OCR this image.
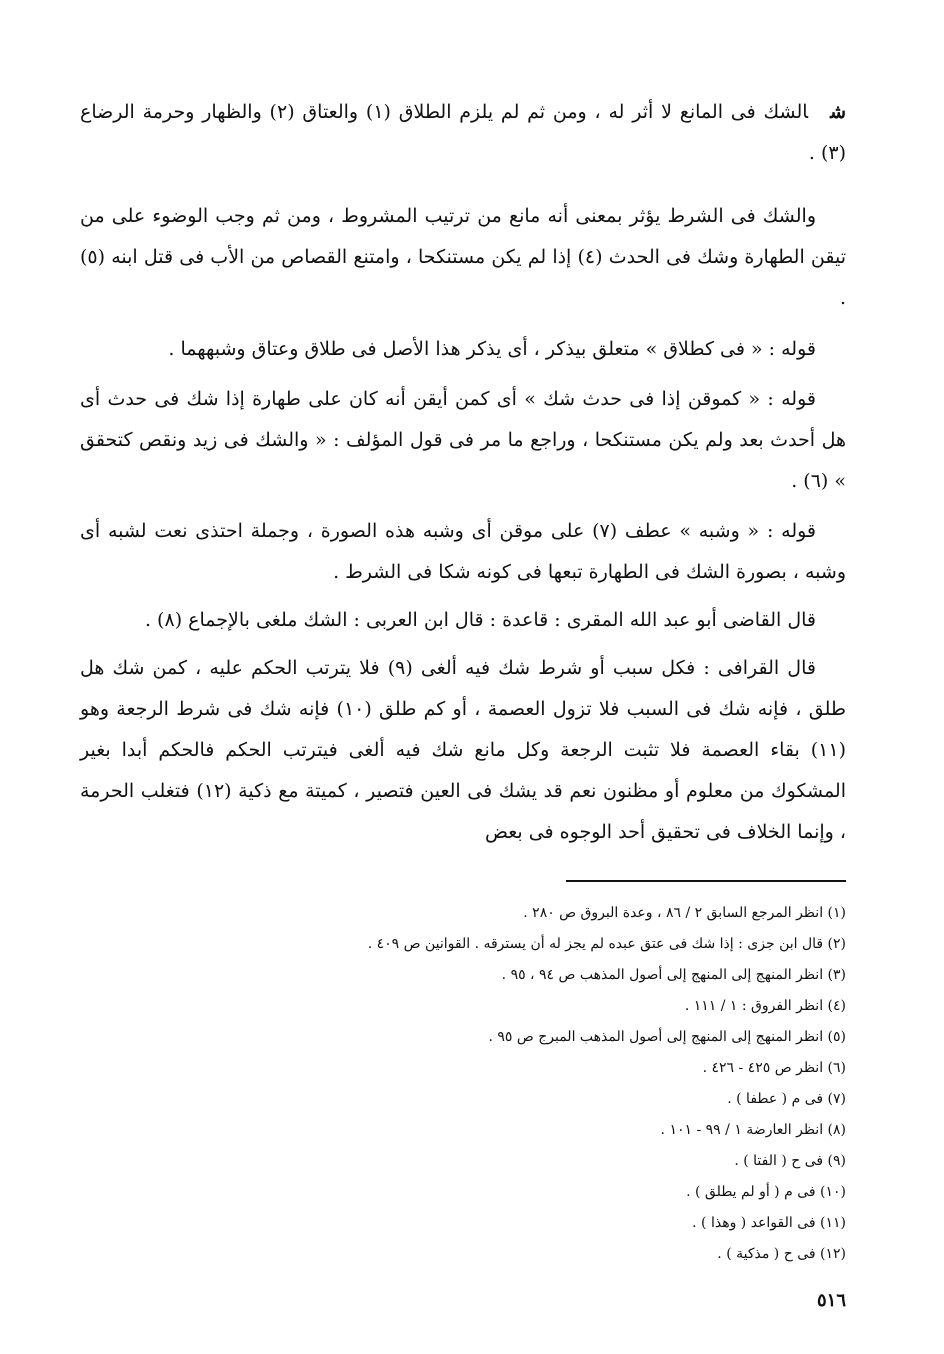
شالشك فى المانع لا أثر له ، ومن ثم لم يلزم الطلاق (١) والعتاق (٢) والظهار وحرمة الرضاع (٣) .

والشك فى الشرط يؤثر بمعنى أنه مانع من ترتيب المشروط ، ومن ثم وجب الوضوء على من تيقن الطهارة وشك فى الحدث (٤) إذا لم يكن مستنكحا ، وامتنع القصاص من الأب فى قتل ابنه (٥) .

قوله : « فى كطلاق » متعلق بيذكر ، أى يذكر هذا الأصل فى طلاق وعتاق وشبههما .

قوله : « كموقن إذا فى حدث شك » أى كمن أيقن أنه كان على طهارة إذا شك فى حدث أى هل أحدث بعد ولم يكن مستنكحا ، وراجع ما مر فى قول المؤلف : « والشك فى زيد ونقص كتحقق » (٦) .

قوله : « وشبه » عطف (٧) على موقن أى وشبه هذه الصورة ، وجملة احتذى نعت لشبه أى وشبه ، بصورة الشك فى الطهارة تبعها فى كونه شكا فى الشرط .

قال القاضى أبو عبد الله المقرى : قاعدة : قال ابن العربى : الشك ملغى بالإجماع (٨) .

قال القرافى : فكل سبب أو شرط شك فيه ألغى (٩) فلا يترتب الحكم عليه ، كمن شك هل طلق ، فإنه شك فى السبب فلا تزول العصمة ، أو كم طلق (١٠) فإنه شك فى شرط الرجعة وهو (١١) بقاء العصمة فلا تثبت الرجعة وكل مانع شك فيه ألغى فيترتب الحكم فالحكم أبدا بغير المشكوك من معلوم أو مظنون نعم قد يشك فى العين فتصير ، كميتة مع ذكية (١٢) فتغلب الحرمة ، وإنما الخلاف فى تحقيق أحد الوجوه فى بعض

(١) انظر المرجع السابق ٢ / ٨٦ ، وعدة البروق ص ٢٨٠ .
(٢) قال ابن جزى : إذا شك فى عتق عبده لم يجز له أن يسترقه . القوانين ص ٤٠٩ .
(٣) انظر المنهج إلى المنهج إلى أصول المذهب ص ٩٤ ، ٩٥ .
(٤) انظر الفروق : ١ / ١١١ .
(٥) انظر المنهج إلى المنهج إلى أصول المذهب المبرج ص ٩٥ .
(٦) انظر ص ٤٢٥ - ٤٢٦ .
(٧) فى م ( عطفا ) .
(٨) انظر العارضة ١ / ٩٩ - ١٠١ .
(٩) فى ح ( الفتا ) .
(١٠) فى م ( أو لم يطلق ) .
(١١) فى القواعد ( وهذا ) .
(١٢) فى ح ( مذكية ) .
٥١٦
